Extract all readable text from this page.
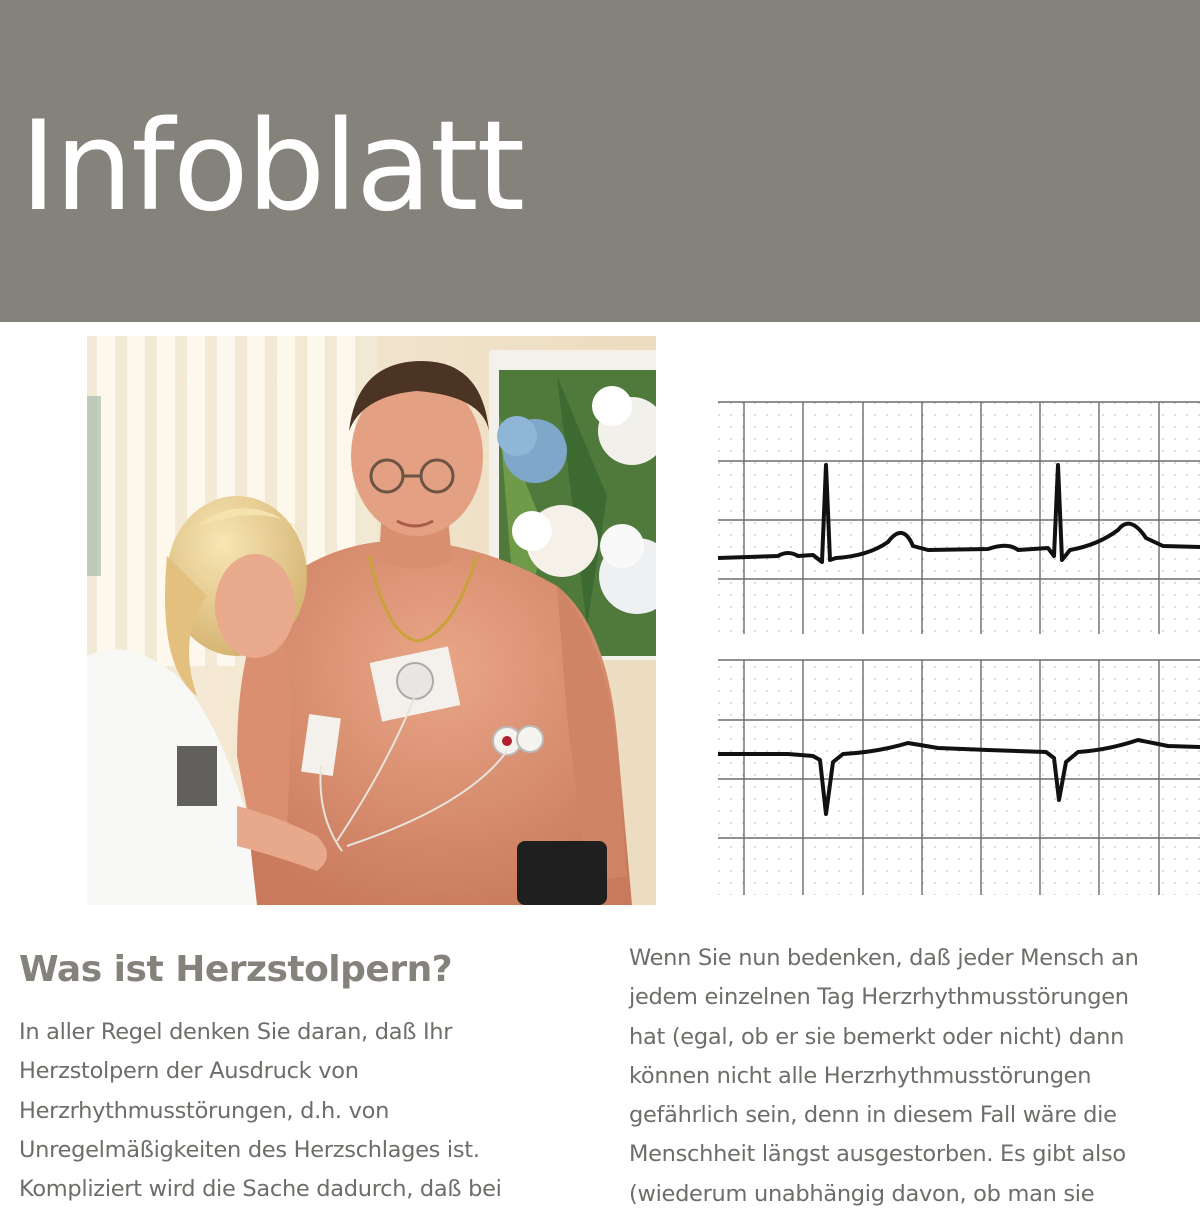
Infoblatt
Was ist Herzstolpern?

In aller Regel denken Sie daran, daß Ihr
Herzstolpern der Ausdruck von
Herzrhythmusstörungen, d.h. von
Unregelmäßigkeiten des Herzschlages ist.
Kompliziert wird die Sache dadurch, daß bei

Wenn Sie nun bedenken, daß jeder Mensch an
jedem einzelnen Tag Herzrhythmusstörungen
hat (egal, ob er sie bemerkt oder nicht) dann
können nicht alle Herzrhythmusstörungen
gefährlich sein, denn in diesem Fall wäre die
Menschheit längst ausgestorben. Es gibt also
(wiederum unabhängig davon, ob man sie
